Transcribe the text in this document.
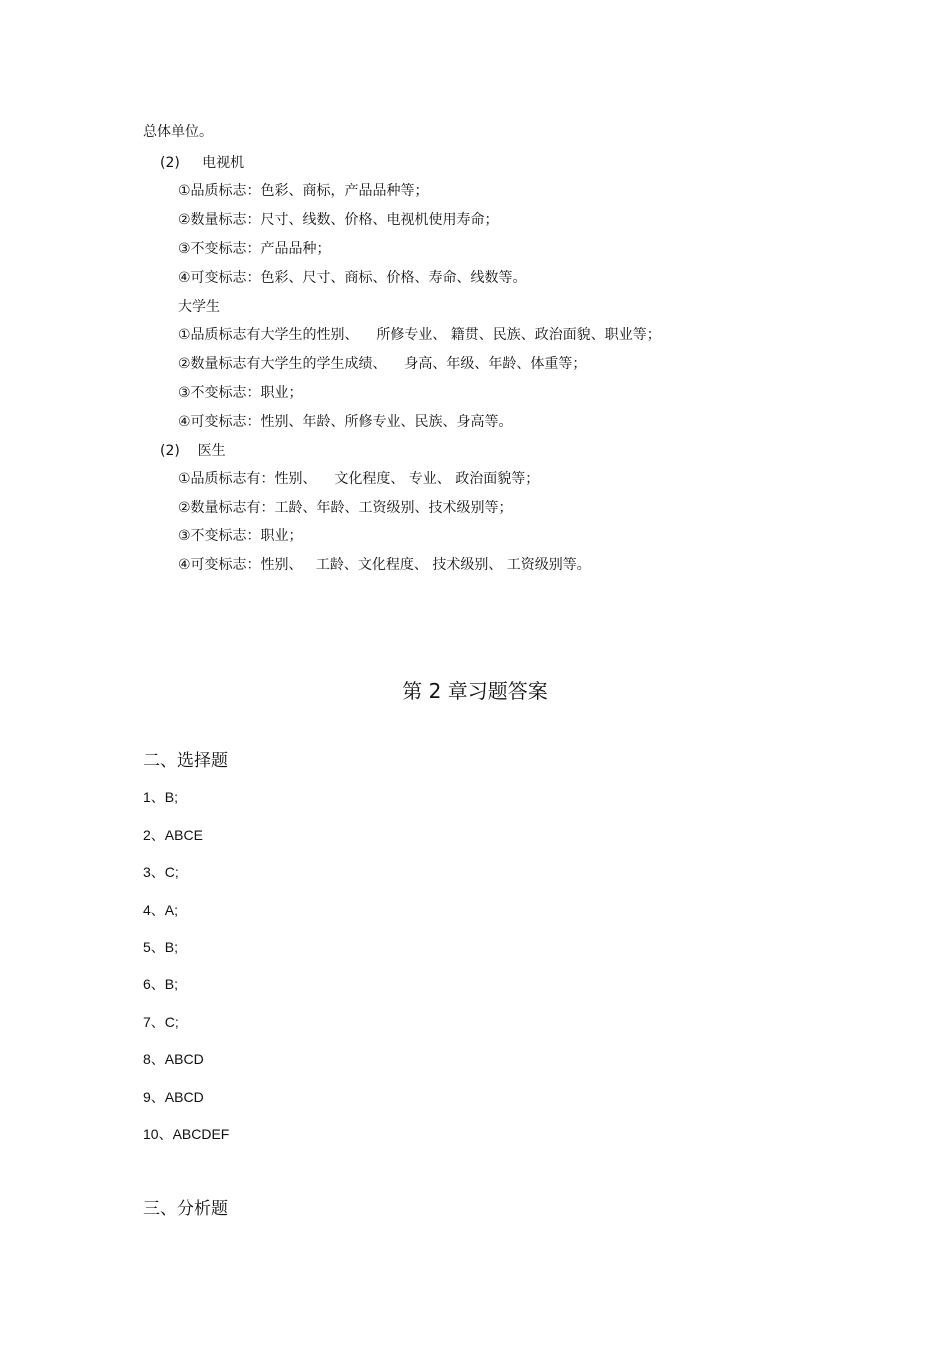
总体单位。
(2)     电视机
①品质标志：色彩、商标，产品品种等；
②数量标志：尺寸、线数、价格、电视机使用寿命；
③不变标志：产品品种；
④可变标志：色彩、尺寸、商标、价格、寿命、线数等。
大学生
①品质标志有大学生的性别、    所修专业、 籍贯、民族、政治面貌、职业等；
②数量标志有大学生的学生成绩、    身高、年级、年龄、体重等；
③不变标志：职业；
④可变标志：性别、年龄、所修专业、民族、身高等。
(2)    医生
①品质标志有：性别、    文化程度、 专业、 政治面貌等；
②数量标志有：工龄、年龄、工资级别、技术级别等；
③不变标志：职业；
④可变标志：性别、   工龄、文化程度、 技术级别、 工资级别等。
第 2 章习题答案
二、选择题
1、B;
2、ABCE
3、C;
4、A;
5、B;
6、B;
7、C;
8、ABCD
9、ABCD
10、ABCDEF
三、分析题
